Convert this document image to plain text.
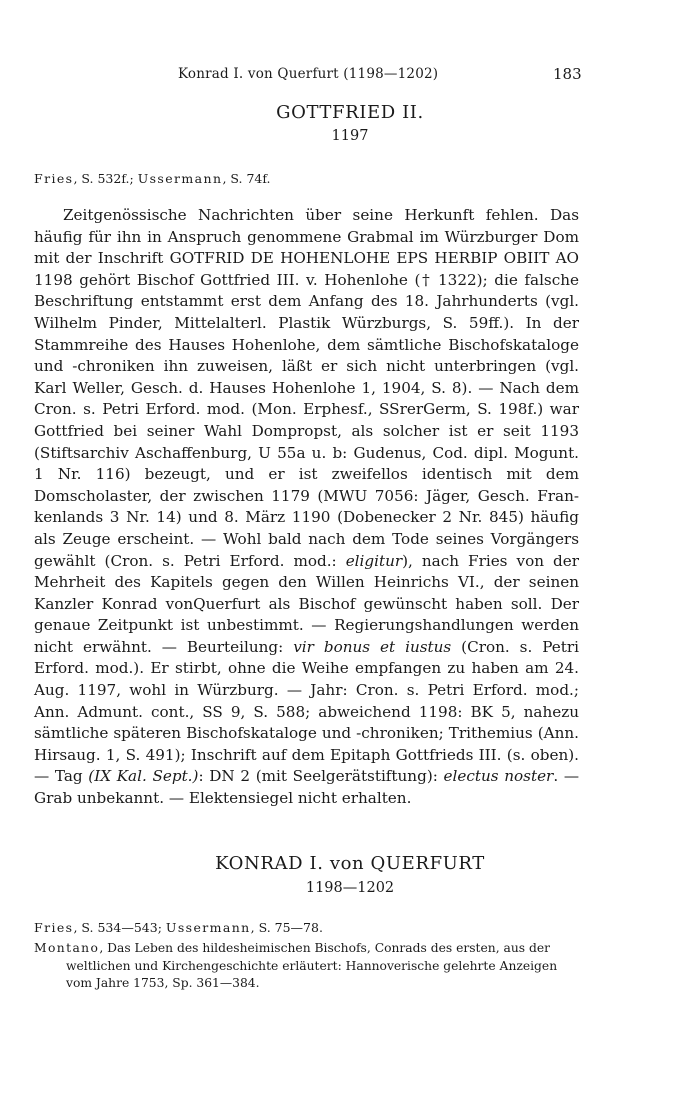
Konrad I. von Querfurt (1198—1202)	183
GOTTFRIED II.
1197
Fries, S. 532f.; Ussermann, S. 74f.

Zeitgenössische Nachrichten über seine Herkunft fehlen. Das häufig für ihn in Anspruch genommene Grabmal im Würzburger Dom mit der Inschrift GOTFRID DE HOHENLOHE EPS HERBIP OBIIT AO 1198 gehört Bischof Gottfried III. v. Hohenlohe († 1322); die falsche Beschriftung entstammt erst dem Anfang des 18. Jahrhunderts (vgl. Wilhelm Pinder, Mittelalterl. Plastik Würzburgs, S. 59ff.). In der Stammreihe des Hauses Hohenlohe, dem sämtliche Bischofskataloge und -chroniken ihn zuweisen, läßt er sich nicht unterbringen (vgl. Karl Weller, Gesch. d. Hauses Hohenlohe 1, 1904, S. 8). — Nach dem Cron. s. Petri Erford. mod. (Mon. Erphesf., SSrerGerm, S. 198f.) war Gottfried bei seiner Wahl Dompropst, als solcher ist er seit 1193 (Stiftsarchiv Aschaffenburg, U 55a u. b: Gudenus, Cod. dipl. Mogunt. 1 Nr. 116) bezeugt, und er ist zweifellos identisch mit dem Domscholaster, der zwischen 1179 (MWU 7056: Jäger, Gesch. Frankenlands 3 Nr. 14) und 8. März 1190 (Dobenecker 2 Nr. 845) häufig als Zeuge erscheint. — Wohl bald nach dem Tode seines Vorgängers gewählt (Cron. s. Petri Erford. mod.: eligitur), nach Fries von der Mehrheit des Kapitels gegen den Willen Heinrichs VI., der seinen Kanzler Konrad vonQuerfurt als Bischof gewünscht haben soll. Der genaue Zeitpunkt ist unbestimmt. — Regierungshandlungen werden nicht erwähnt. — Beurteilung: vir bonus et iustus (Cron. s. Petri Erford. mod.). Er stirbt, ohne die Weihe empfangen zu haben am 24. Aug. 1197, wohl in Würzburg. — Jahr: Cron. s. Petri Erford. mod.; Ann. Admunt. cont., SS 9, S. 588; abweichend 1198: BK 5, nahezu sämtliche späteren Bischofskataloge und -chroniken; Trithemius (Ann. Hirsaug. 1, S. 491); Inschrift auf dem Epitaph Gottfrieds III. (s. oben). — Tag (IX Kal. Sept.): DN 2 (mit Seelgerätstiftung): electus noster. — Grab unbekannt. — Elektensiegel nicht erhalten.

KONRAD I. von QUERFURT
1198—1202
Fries, S. 534—543; Ussermann, S. 75—78.
Montano, Das Leben des hildesheimischen Bischofs, Conrads des ersten, aus der weltlichen und Kirchengeschichte erläutert: Hannoverische gelehrte Anzeigen vom Jahre 1753, Sp. 361—384.
